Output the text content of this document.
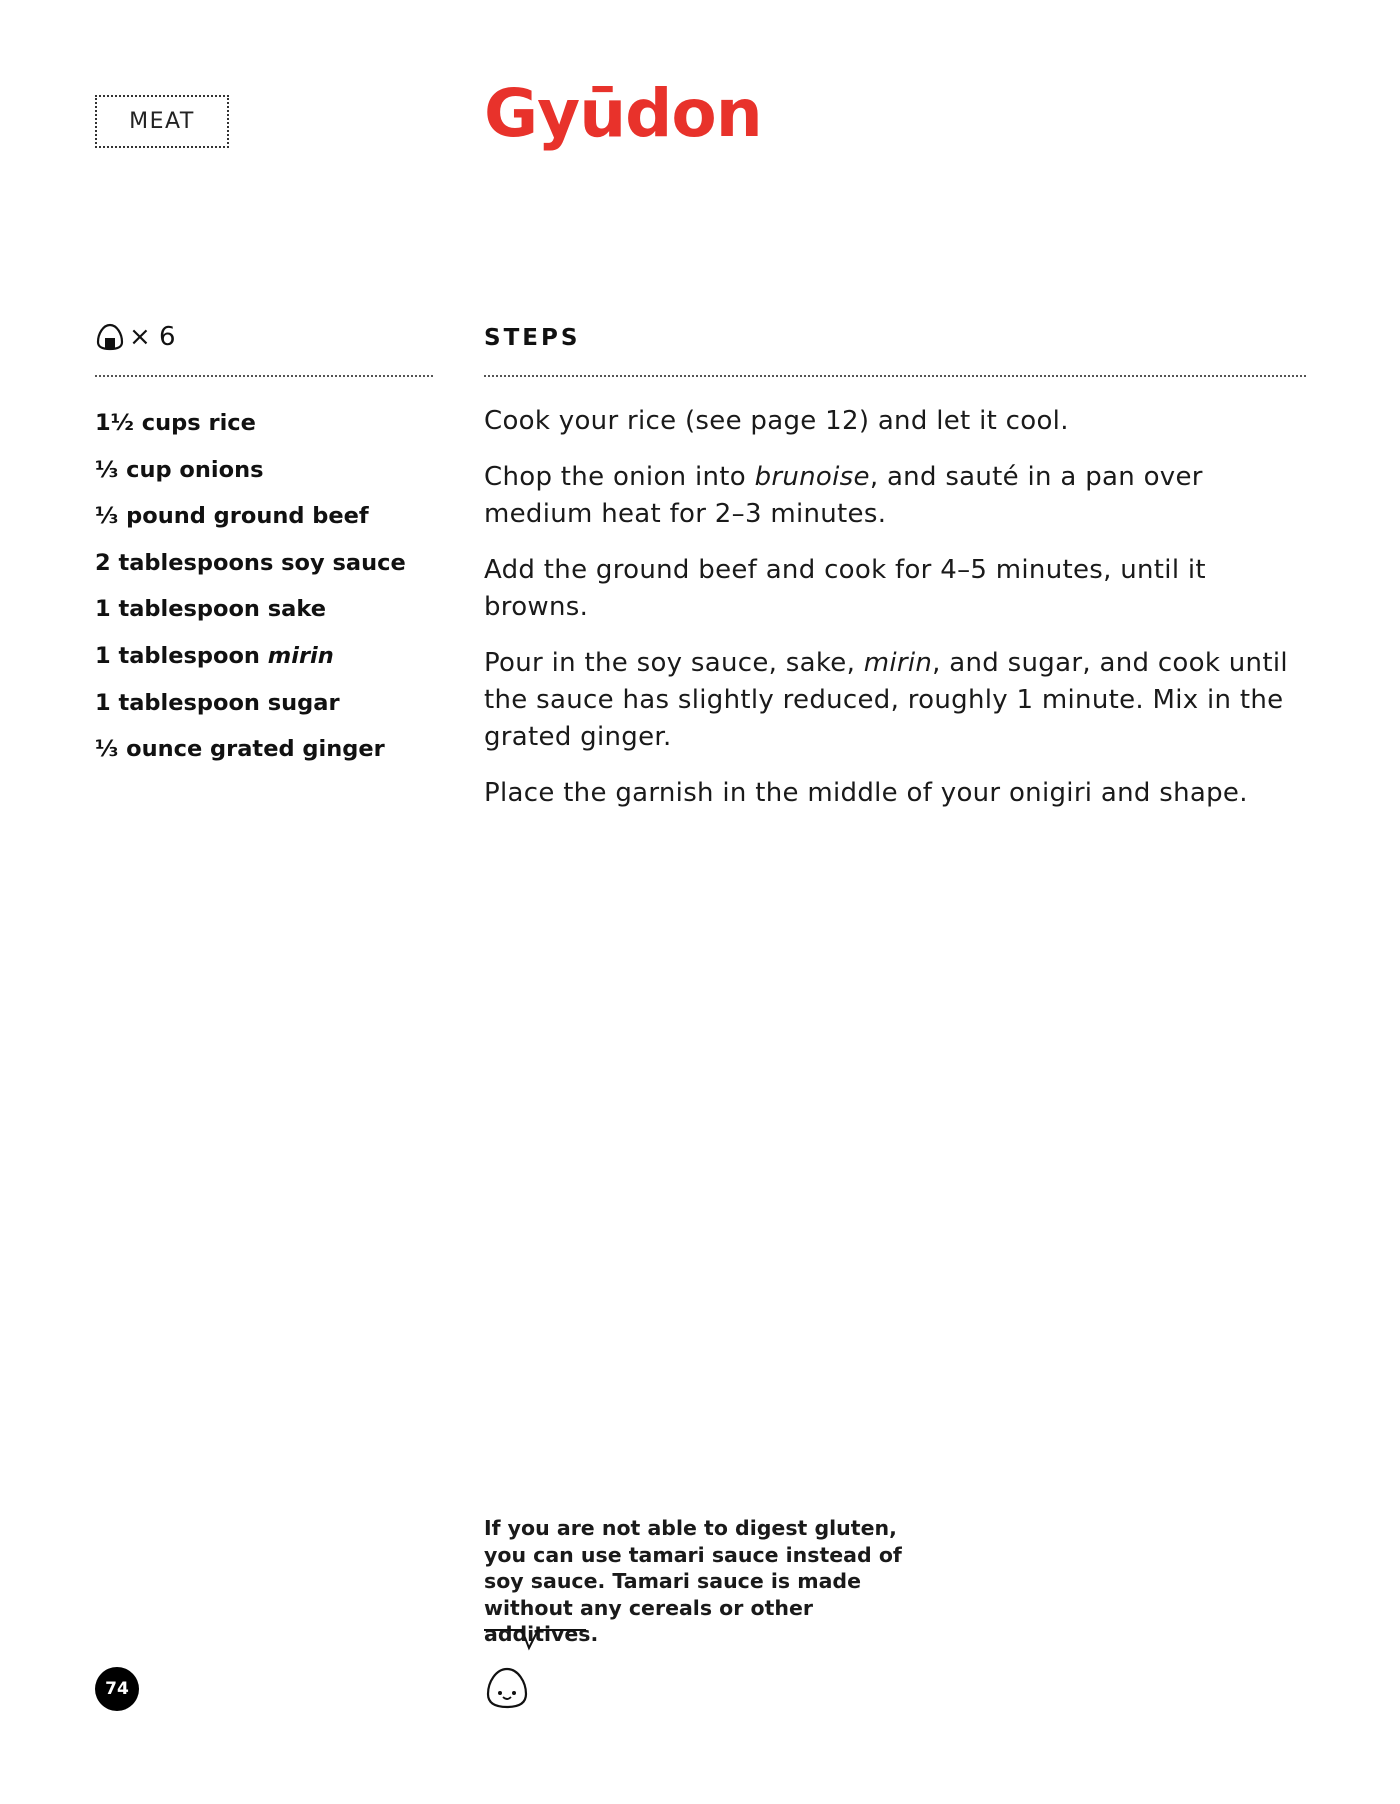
MEAT	Gyūdon
× 6	STEPS
1½ cups rice
⅓ cup onions
⅓ pound ground beef
2 tablespoons soy sauce
1 tablespoon sake
1 tablespoon mirin
1 tablespoon sugar
⅓ ounce grated ginger

Cook your rice (see page 12) and let it cool.

Chop the onion into brunoise, and sauté in a pan over medium heat for 2–3 minutes.

Add the ground beef and cook for 4–5 minutes, until it browns.

Pour in the soy sauce, sake, mirin, and sugar, and cook until the sauce has slightly reduced, roughly 1 minute. Mix in the grated ginger.

Place the garnish in the middle of your onigiri and shape.

If you are not able to digest gluten, you can use tamari sauce instead of soy sauce. Tamari sauce is made without any cereals or other additives.

74
